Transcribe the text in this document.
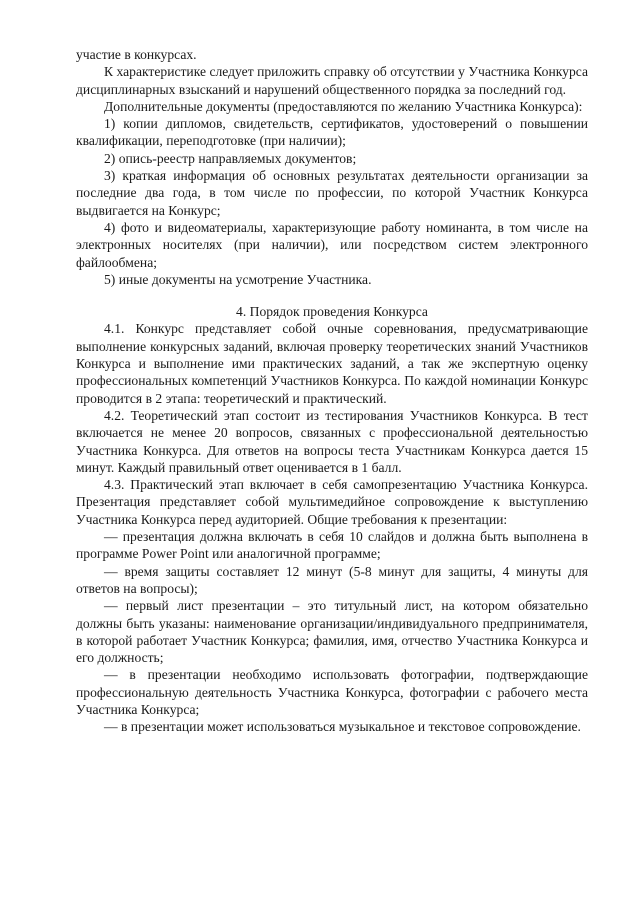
участие в конкурсах.

К характеристике следует приложить справку об отсутствии у Участника Конкурса дисциплинарных взысканий и нарушений общественного порядка за последний год.

Дополнительные документы (предоставляются по желанию Участника Конкурса):

1) копии дипломов, свидетельств, сертификатов, удостоверений о повышении квалификации, переподготовке (при наличии);

2) опись-реестр направляемых документов;

3) краткая информация об основных результатах деятельности организации за последние два года, в том числе по профессии, по которой Участник Конкурса выдвигается на Конкурс;

4) фото и видеоматериалы, характеризующие работу номинанта, в том числе на электронных носителях (при наличии), или посредством систем электронного файлообмена;

5) иные документы на усмотрение Участника.

4. Порядок проведения Конкурса

4.1. Конкурс представляет собой очные соревнования, предусматривающие выполнение конкурсных заданий, включая проверку теоретических знаний Участников Конкурса и выполнение ими практических заданий, а так же экспертную оценку профессиональных компетенций Участников Конкурса. По каждой номинации Конкурс проводится в 2 этапа: теоретический и практический.

4.2. Теоретический этап состоит из тестирования Участников Конкурса. В тест включается не менее 20 вопросов, связанных с профессиональной деятельностью Участника Конкурса. Для ответов на вопросы теста Участникам Конкурса дается 15 минут. Каждый правильный ответ оценивается в 1 балл.

4.3. Практический этап включает в себя самопрезентацию Участника Конкурса. Презентация представляет собой мультимедийное сопровождение к выступлению Участника Конкурса перед аудиторией. Общие требования к презентации:

— презентация должна включать в себя 10 слайдов и должна быть выполнена в программе Power Point или аналогичной программе;

— время защиты составляет 12 минут (5-8 минут для защиты, 4 минуты для ответов на вопросы);

— первый лист презентации – это титульный лист, на котором обязательно должны быть указаны: наименование организации/индивидуального предпринимателя, в которой работает Участник Конкурса; фамилия, имя, отчество Участника Конкурса и его должность;

— в презентации необходимо использовать фотографии, подтверждающие профессиональную деятельность Участника Конкурса, фотографии с рабочего места Участника Конкурса;

— в презентации может использоваться музыкальное и текстовое сопровождение.
